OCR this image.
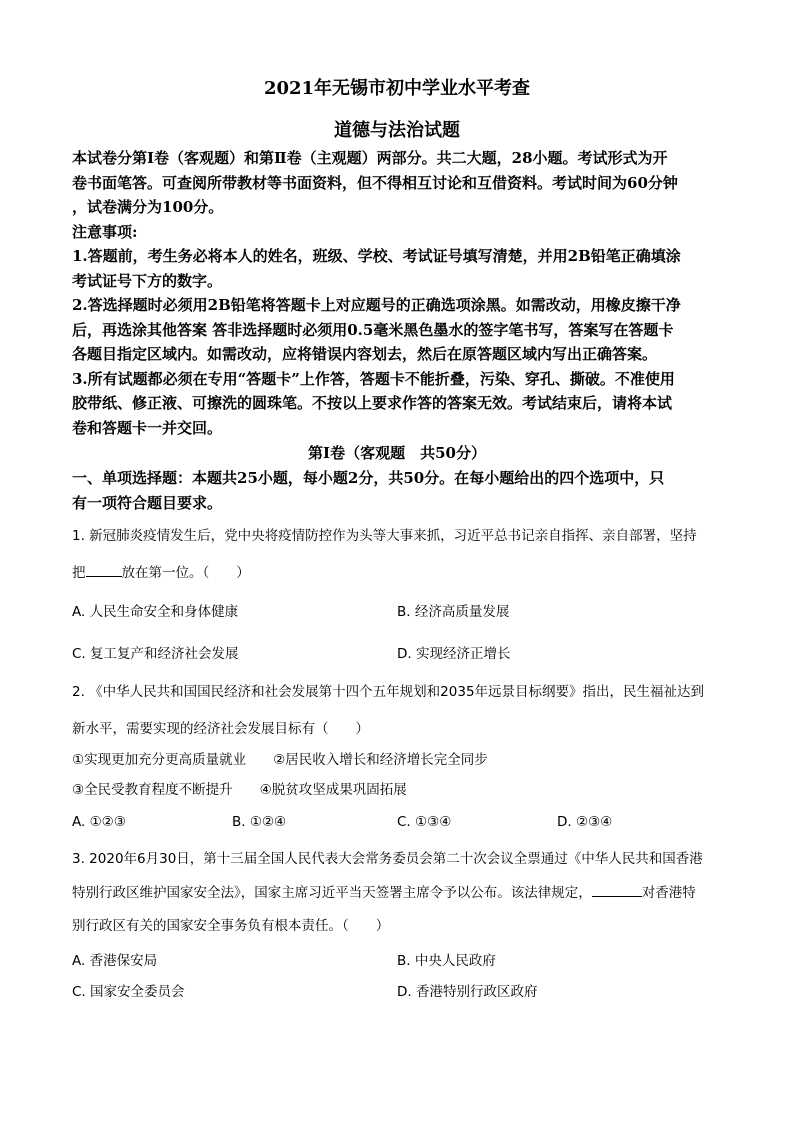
2021年无锡市初中学业水平考查
道德与法治试题
本试卷分第Ⅰ卷（客观题）和第Ⅱ卷（主观题）两部分。共二大题，28小题。考试形式为开
卷书面笔答。可查阅所带教材等书面资料，但不得相互讨论和互借资料。考试时间为60分钟
，试卷满分为100分。
注意事项:
1.答题前，考生务必将本人的姓名，班级、学校、考试证号填写清楚，并用2B铅笔正确填涂
考试证号下方的数字。
2.答选择题时必须用2B铅笔将答题卡上对应题号的正确选项涂黑。如需改动，用橡皮擦干净
后，再选涂其他答案 答非选择题时必须用0.5毫米黑色墨水的签字笔书写，答案写在答题卡
各题目指定区域内。如需改动，应将错误内容划去，然后在原答题区域内写出正确答案。
3.所有试题都必须在专用“答题卡”上作答，答题卡不能折叠，污染、穿孔、撕破。不准使用
胶带纸、修正液、可擦洗的圆珠笔。不按以上要求作答的答案无效。考试结束后，请将本试
卷和答题卡一并交回。
第Ⅰ卷（客观题　共50分）
一、单项选择题：本题共25小题，每小题2分，共50分。在每小题给出的四个选项中，只
有一项符合题目要求。
1. 新冠肺炎疫情发生后，党中央将疫情防控作为头等大事来抓，习近平总书记亲自指挥、亲自部署，坚持
把	放在第一位。（　　）
A. 人民生命安全和身体健康	B. 经济高质量发展
C. 复工复产和经济社会发展	D. 实现经济正增长
2. 《中华人民共和国国民经济和社会发展第十四个五年规划和2035年远景目标纲要》指出，民生福祉达到
新水平，需要实现的经济社会发展目标有（　　）
①实现更加充分更高质量就业　　②居民收入增长和经济增长完全同步
③全民受教育程度不断提升　　④脱贫攻坚成果巩固拓展
A. ①②③	B. ①②④	C. ①③④	D. ②③④
3. 2020年6月30日，第十三届全国人民代表大会常务委员会第二十次会议全票通过《中华人民共和国香港
特别行政区维护国家安全法》，国家主席习近平当天签署主席令予以公布。该法律规定，	对香港特
别行政区有关的国家安全事务负有根本责任。（　　）
A. 香港保安局	B. 中央人民政府
C. 国家安全委员会	D. 香港特别行政区政府
